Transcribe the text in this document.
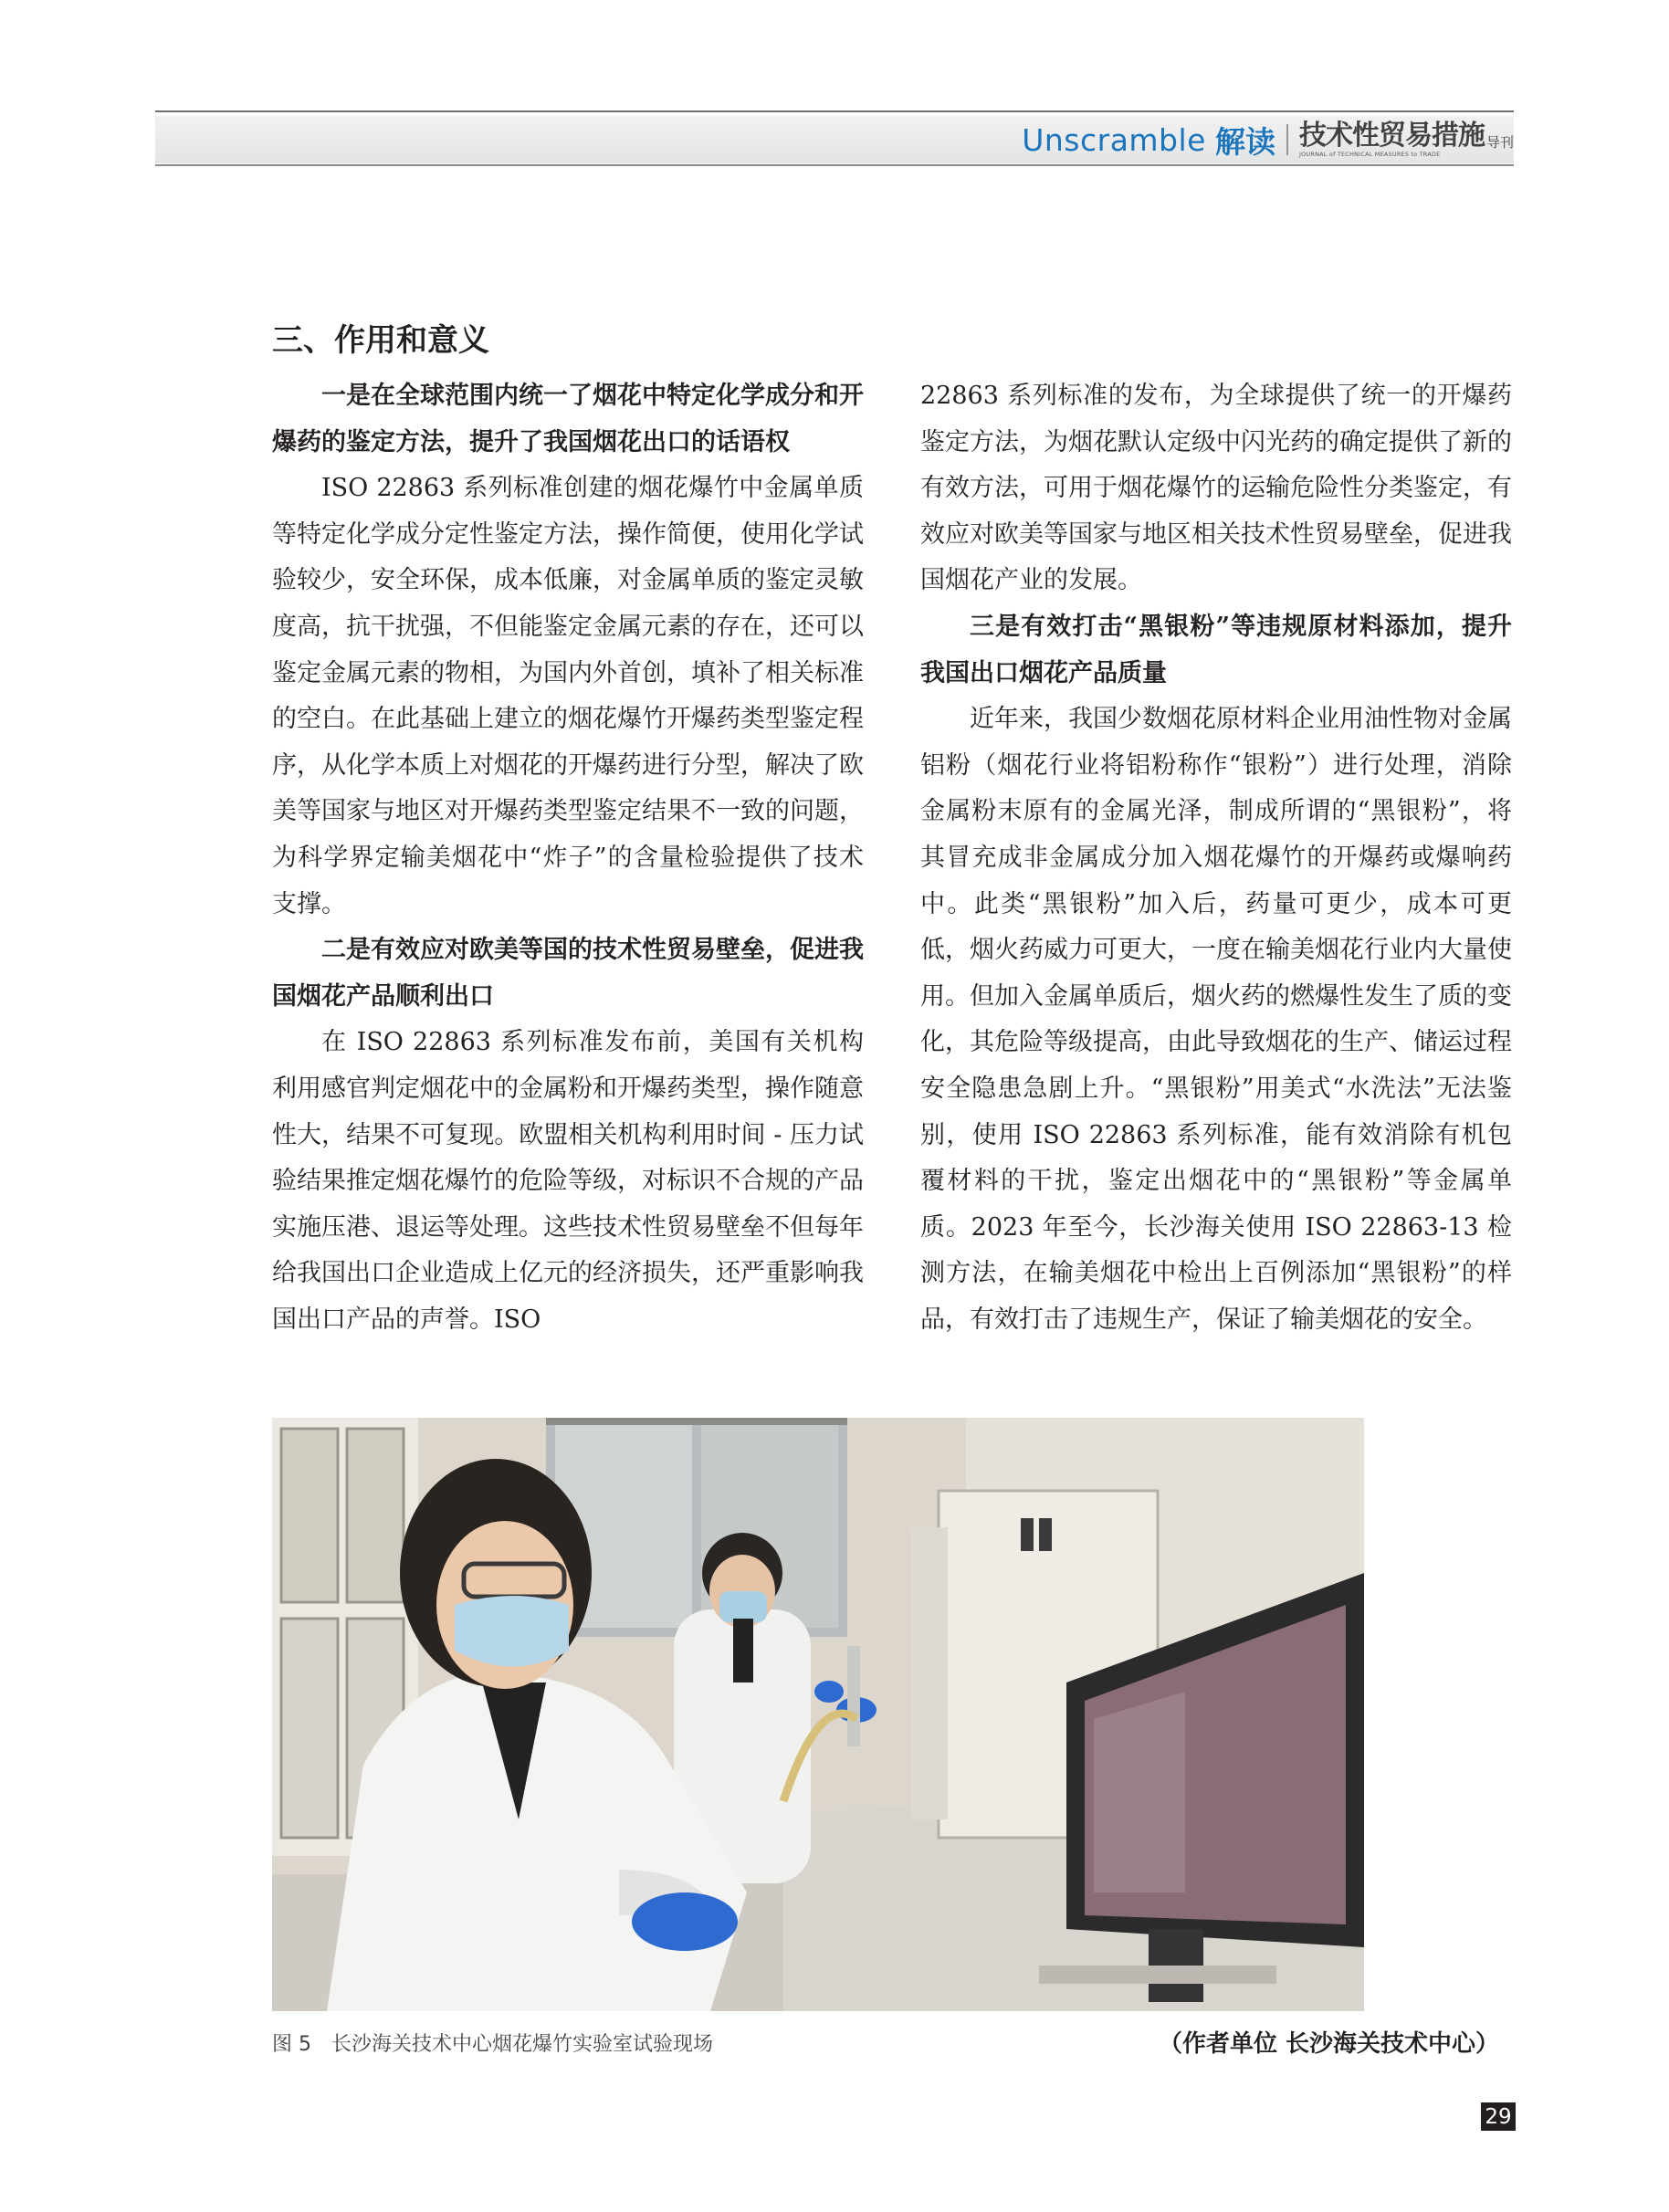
Unscramble 解读 技术性贸易措施 导刊
JOURNAL of TECHNICAL MEASURES to TRADE
三、作用和意义

一是在全球范围内统一了烟花中特定化学成分和开爆药的鉴定方法，提升了我国烟花出口的话语权

ISO 22863 系列标准创建的烟花爆竹中金属单质等特定化学成分定性鉴定方法，操作简便，使用化学试验较少，安全环保，成本低廉，对金属单质的鉴定灵敏度高，抗干扰强，不但能鉴定金属元素的存在，还可以鉴定金属元素的物相，为国内外首创，填补了相关标准的空白。在此基础上建立的烟花爆竹开爆药类型鉴定程序，从化学本质上对烟花的开爆药进行分型，解决了欧美等国家与地区对开爆药类型鉴定结果不一致的问题，为科学界定输美烟花中“炸子”的含量检验提供了技术支撑。

二是有效应对欧美等国的技术性贸易壁垒，促进我国烟花产品顺利出口

在 ISO 22863 系列标准发布前，美国有关机构利用感官判定烟花中的金属粉和开爆药类型，操作随意性大，结果不可复现。欧盟相关机构利用时间 - 压力试验结果推定烟花爆竹的危险等级，对标识不合规的产品实施压港、退运等处理。这些技术性贸易壁垒不但每年给我国出口企业造成上亿元的经济损失，还严重影响我国出口产品的声誉。ISO

22863 系列标准的发布，为全球提供了统一的开爆药鉴定方法，为烟花默认定级中闪光药的确定提供了新的有效方法，可用于烟花爆竹的运输危险性分类鉴定，有效应对欧美等国家与地区相关技术性贸易壁垒，促进我国烟花产业的发展。

三是有效打击“黑银粉”等违规原材料添加，提升我国出口烟花产品质量

近年来，我国少数烟花原材料企业用油性物对金属铝粉（烟花行业将铝粉称作“银粉”）进行处理，消除金属粉末原有的金属光泽，制成所谓的“黑银粉”，将其冒充成非金属成分加入烟花爆竹的开爆药或爆响药中。此类“黑银粉”加入后，药量可更少，成本可更低，烟火药威力可更大，一度在输美烟花行业内大量使用。但加入金属单质后，烟火药的燃爆性发生了质的变化，其危险等级提高，由此导致烟花的生产、储运过程安全隐患急剧上升。“黑银粉”用美式“水洗法”无法鉴别，使用 ISO 22863 系列标准，能有效消除有机包覆材料的干扰，鉴定出烟花中的“黑银粉”等金属单质。2023 年至今，长沙海关使用 ISO 22863-13 检测方法，在输美烟花中检出上百例添加“黑银粉”的样品，有效打击了违规生产，保证了输美烟花的安全。

图 5　长沙海关技术中心烟花爆竹实验室试验现场	（作者单位 长沙海关技术中心）
29
